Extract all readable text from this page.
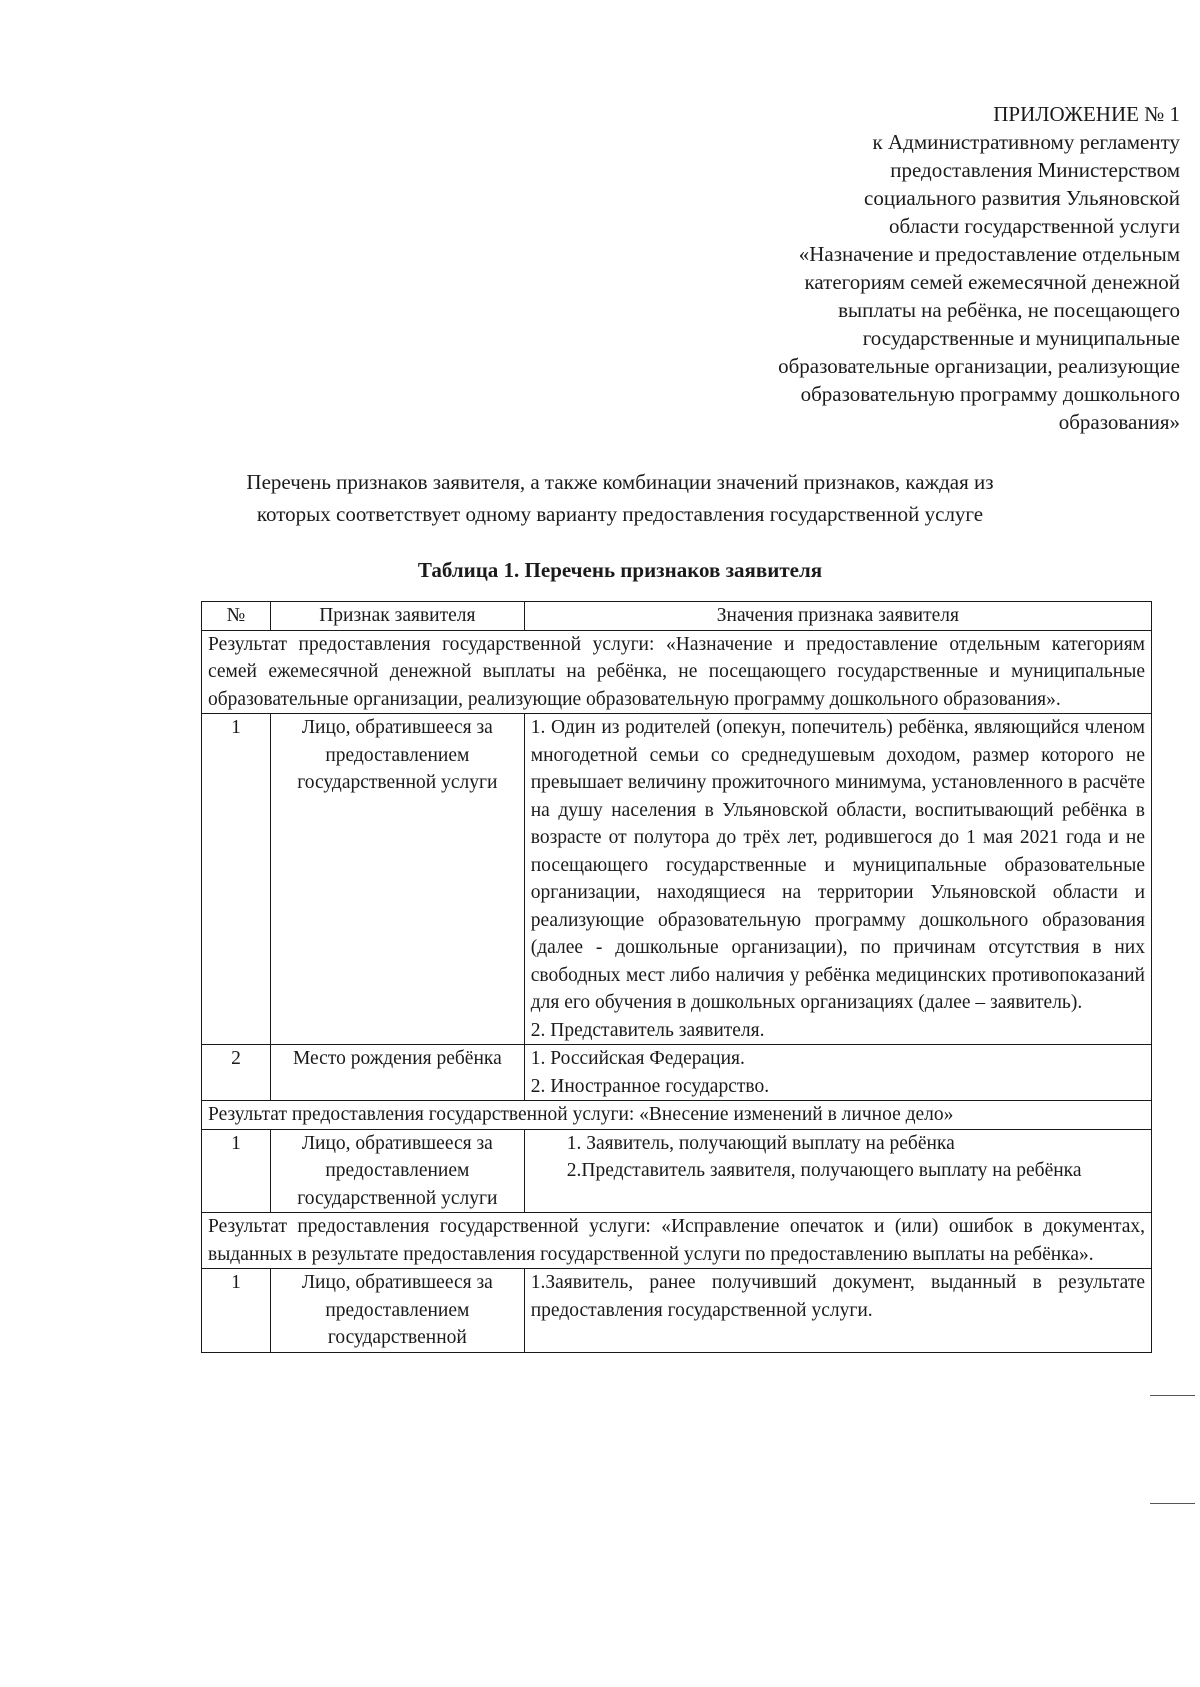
ПРИЛОЖЕНИЕ № 1
к Административному регламенту
предоставления Министерством
социального развития Ульяновской
области государственной услуги
«Назначение и предоставление отдельным
категориям семей ежемесячной денежной
выплаты на ребёнка, не посещающего
государственные и муниципальные
образовательные организации, реализующие
образовательную программу дошкольного
образования»
Перечень признаков заявителя, а также комбинации значений признаков, каждая из
которых соответствует одному варианту предоставления государственной услуге
Таблица 1. Перечень признаков заявителя
№	Признак заявителя	Значения признака заявителя
Результат предоставления государственной услуги: «Назначение и предоставление отдельным категориям семей ежемесячной денежной выплаты на ребёнка, не посещающего государственные и муниципальные образовательные организации, реализующие образовательную программу дошкольного образования».		
1	Лицо, обратившееся за предоставлением государственной услуги	1. Один из родителей (опекун, попечитель) ребёнка, являющийся членом многодетной семьи со среднедушевым доходом, размер которого не превышает величину прожиточного минимума, установленного в расчёте на душу населения в Ульяновской области, воспитывающий ребёнка в возрасте от полутора до трёх лет, родившегося до 1 мая 2021 года и не посещающего государственные и муниципальные образовательные организации, находящиеся на территории Ульяновской области и реализующие образовательную программу дошкольного образования (далее - дошкольные организации), по причинам отсутствия в них свободных мест либо наличия у ребёнка медицинских противопоказаний для его обучения в дошкольных организациях (далее – заявитель).
2. Представитель заявителя.

2	Место рождения ребёнка	1. Российская Федерация.
2. Иностранное государство.

Результат предоставления государственной услуги: «Внесение изменений в личное дело»		
1	Лицо, обратившееся за предоставлением государственной услуги	1. Заявитель, получающий выплату на ребёнка
2.Представитель заявителя, получающего выплату на ребёнка

Результат предоставления государственной услуги: «Исправление опечаток и (или) ошибок в документах, выданных в результате предоставления государственной услуги по предоставлению выплаты на ребёнка».		
1	Лицо, обратившееся за предоставлением государственной	1.Заявитель, ранее получивший документ, выданный в результате предоставления государственной услуги.
